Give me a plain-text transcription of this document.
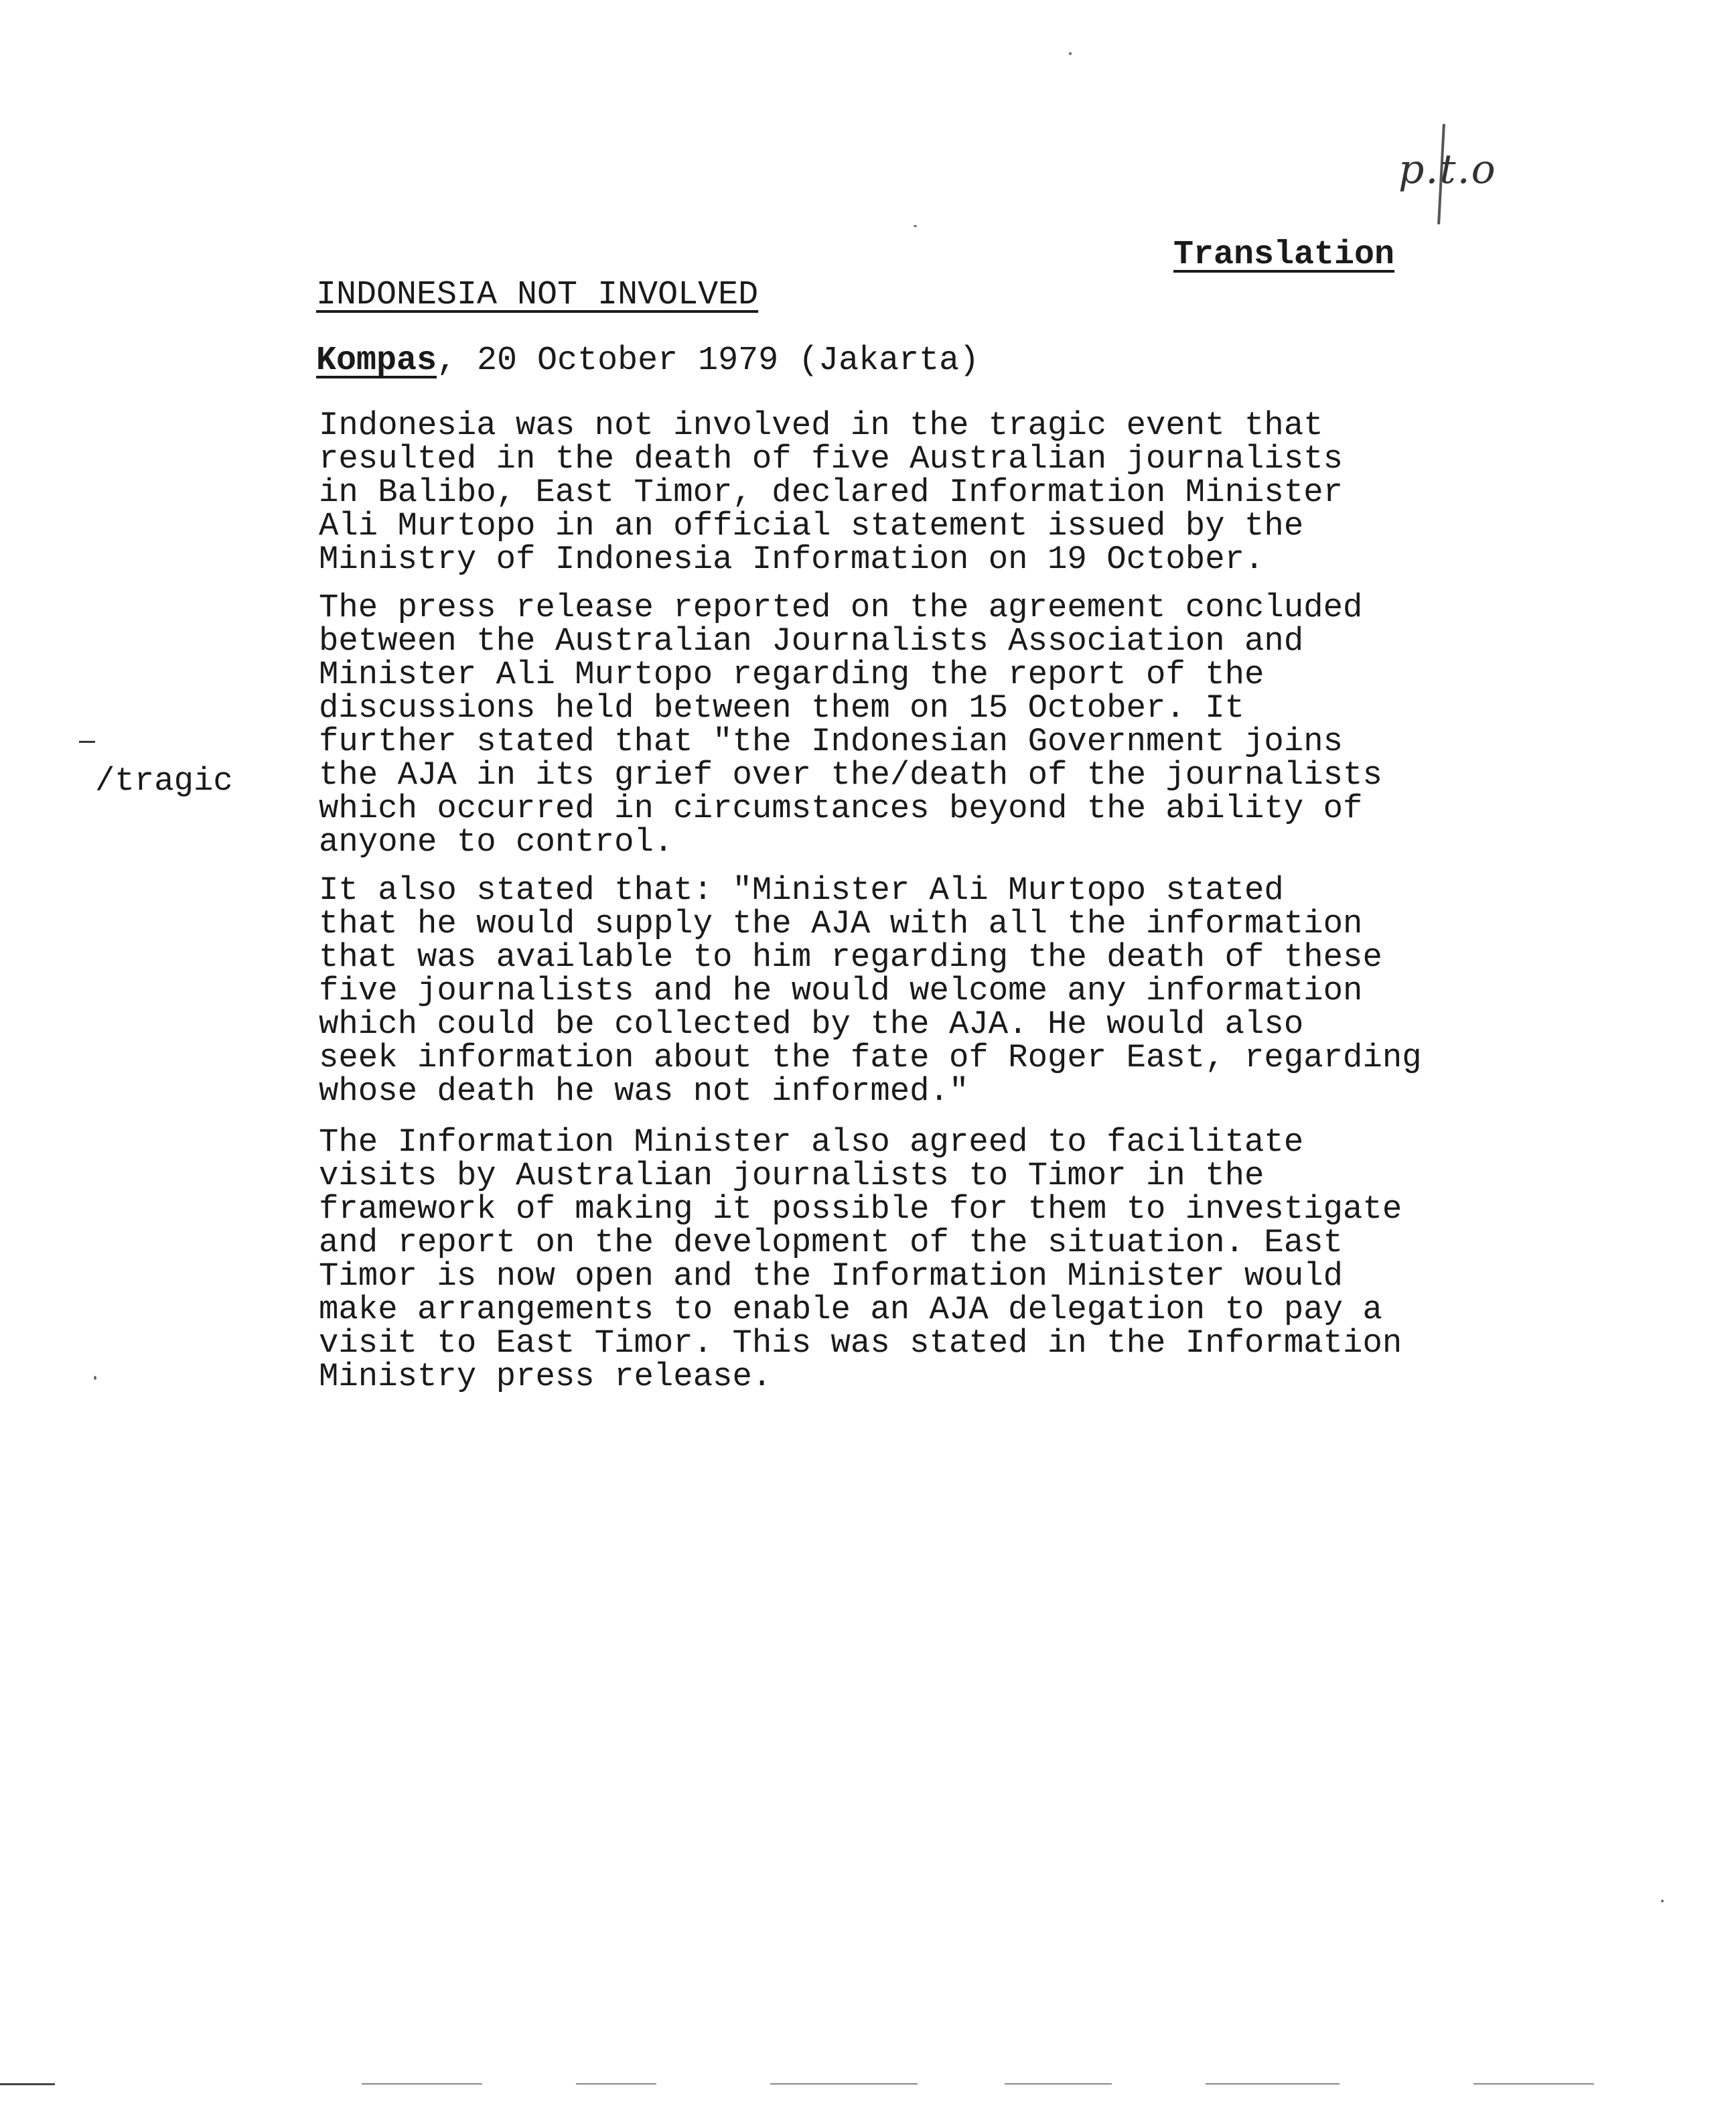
p.t.o
Translation
INDONESIA NOT INVOLVED
Kompas, 20 October 1979 (Jakarta)

Indonesia was not involved in the tragic event that
resulted in the death of five Australian journalists
in Balibo, East Timor, declared Information Minister
Ali Murtopo in an official statement issued by the
Ministry of Indonesia Information on 19 October.

The press release reported on the agreement concluded
between the Australian Journalists Association and
Minister Ali Murtopo regarding the report of the
discussions held between them on 15 October. It
further stated that "the Indonesian Government joins
the AJA in its grief over the/death of the journalists
which occurred in circumstances beyond the ability of
anyone to control.

/tragic

It also stated that: "Minister Ali Murtopo stated
that he would supply the AJA with all the information
that was available to him regarding the death of these
five journalists and he would welcome any information
which could be collected by the AJA. He would also
seek information about the fate of Roger East, regarding
whose death he was not informed."

The Information Minister also agreed to facilitate
visits by Australian journalists to Timor in the
framework of making it possible for them to investigate
and report on the development of the situation. East
Timor is now open and the Information Minister would
make arrangements to enable an AJA delegation to pay a
visit to East Timor. This was stated in the Information
Ministry press release.
